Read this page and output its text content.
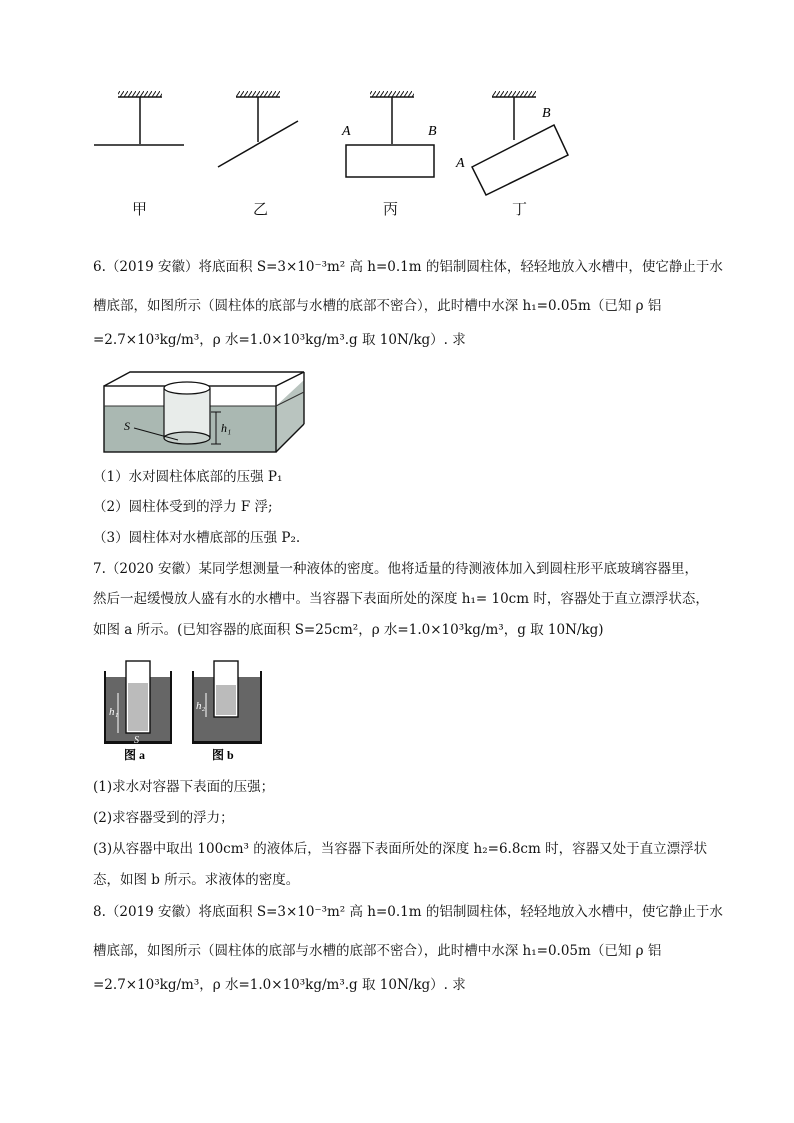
A	B
A
B
甲	乙	丙	丁
6.（2019 安徽）将底面积 S=3×10⁻³m² 高 h=0.1m 的铝制圆柱体，轻轻地放入水槽中，使它静止于水
槽底部，如图所示（圆柱体的底部与水槽的底部不密合），此时槽中水深 h₁=0.05m（已知 ρ 铝
=2.7×10³kg/m³，ρ 水=1.0×10³kg/m³.g 取 10N/kg）. 求
S	h₁
（1）水对圆柱体底部的压强 P₁
（2）圆柱体受到的浮力 F 浮;
（3）圆柱体对水槽底部的压强 P₂.
7.（2020 安徽）某同学想测量一种液体的密度。他将适量的待测液体加入到圆柱形平底玻璃容器里，
然后一起缓慢放人盛有水的水槽中。当容器下表面所处的深度 h₁= 10cm 时，容器处于直立漂浮状态，
如图 a 所示。(已知容器的底面积 S=25cm²，ρ 水=1.0×10³kg/m³，g 取 10N/kg)
h₁
S
h₂
图 a	图 b
(1)求水对容器下表面的压强；
(2)求容器受到的浮力；
(3)从容器中取出 100cm³ 的液体后，当容器下表面所处的深度 h₂=6.8cm 时，容器又处于直立漂浮状
态，如图 b 所示。求液体的密度。
8.（2019 安徽）将底面积 S=3×10⁻³m² 高 h=0.1m 的铝制圆柱体，轻轻地放入水槽中，使它静止于水
槽底部，如图所示（圆柱体的底部与水槽的底部不密合），此时槽中水深 h₁=0.05m（已知 ρ 铝
=2.7×10³kg/m³，ρ 水=1.0×10³kg/m³.g 取 10N/kg）. 求
